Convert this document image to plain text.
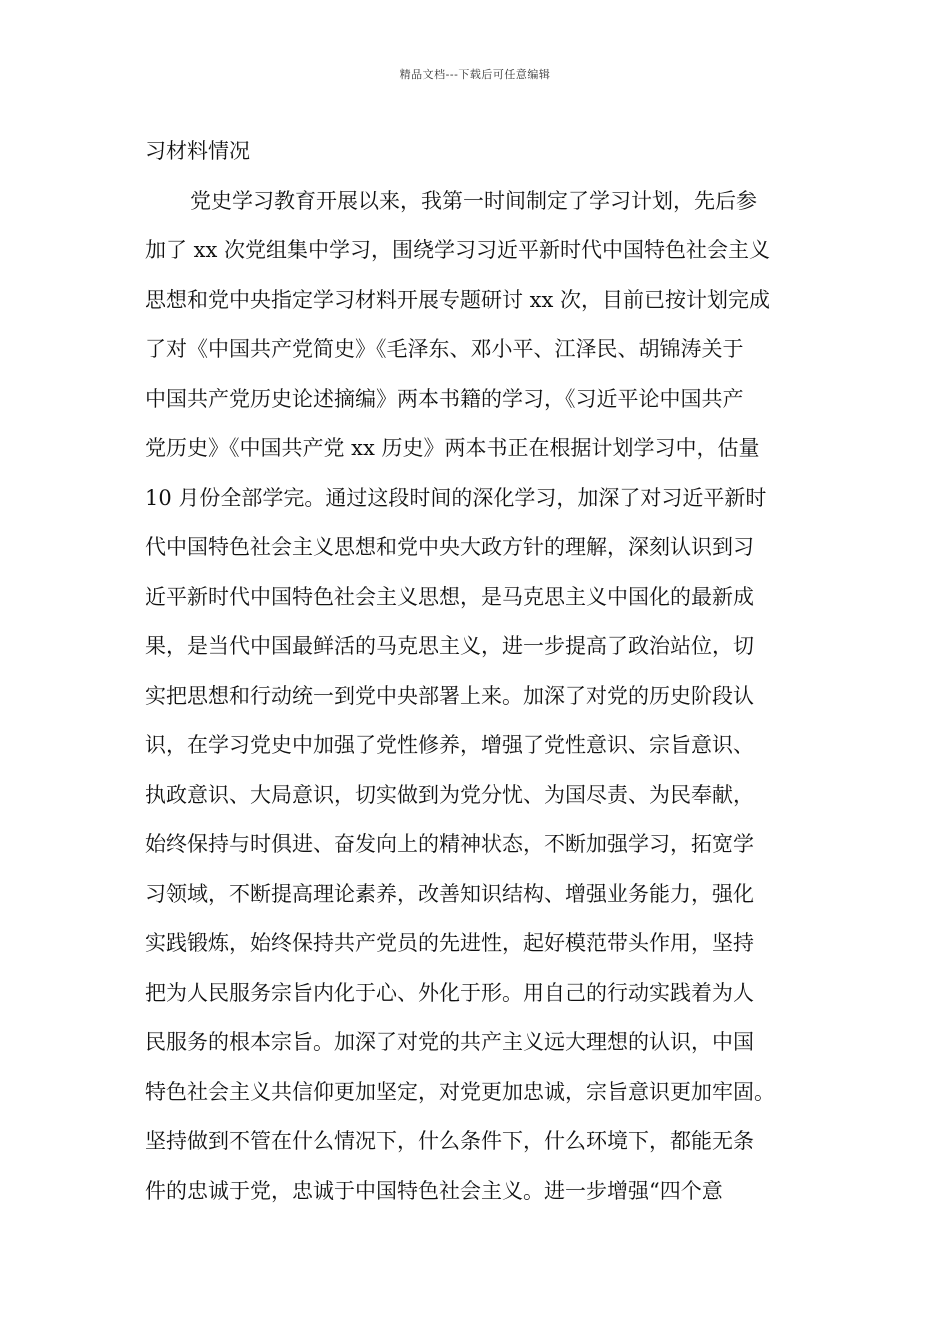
精品文档---下载后可任意编辑
习材料情况
党史学习教育开展以来，我第一时间制定了学习计划，先后参
加了 xx 次党组集中学习，围绕学习习近平新时代中国特色社会主义
思想和党中央指定学习材料开展专题研讨 xx 次，目前已按计划完成
了对《中国共产党简史》《毛泽东、邓小平、江泽民、胡锦涛关于
中国共产党历史论述摘编》两本书籍的学习，《习近平论中国共产
党历史》《中国共产党 xx 历史》两本书正在根据计划学习中，估量
10 月份全部学完。通过这段时间的深化学习，加深了对习近平新时
代中国特色社会主义思想和党中央大政方针的理解，深刻认识到习
近平新时代中国特色社会主义思想，是马克思主义中国化的最新成
果，是当代中国最鲜活的马克思主义，进一步提高了政治站位，切
实把思想和行动统一到党中央部署上来。加深了对党的历史阶段认
识，在学习党史中加强了党性修养，增强了党性意识、宗旨意识、
执政意识、大局意识，切实做到为党分忧、为国尽责、为民奉献，
始终保持与时俱进、奋发向上的精神状态，不断加强学习，拓宽学
习领域，不断提高理论素养，改善知识结构、增强业务能力，强化
实践锻炼，始终保持共产党员的先进性，起好模范带头作用，坚持
把为人民服务宗旨内化于心、外化于形。用自己的行动实践着为人
民服务的根本宗旨。加深了对党的共产主义远大理想的认识，中国
特色社会主义共信仰更加坚定，对党更加忠诚，宗旨意识更加牢固。
坚持做到不管在什么情况下，什么条件下，什么环境下，都能无条
件的忠诚于党，忠诚于中国特色社会主义。进一步增强“四个意
